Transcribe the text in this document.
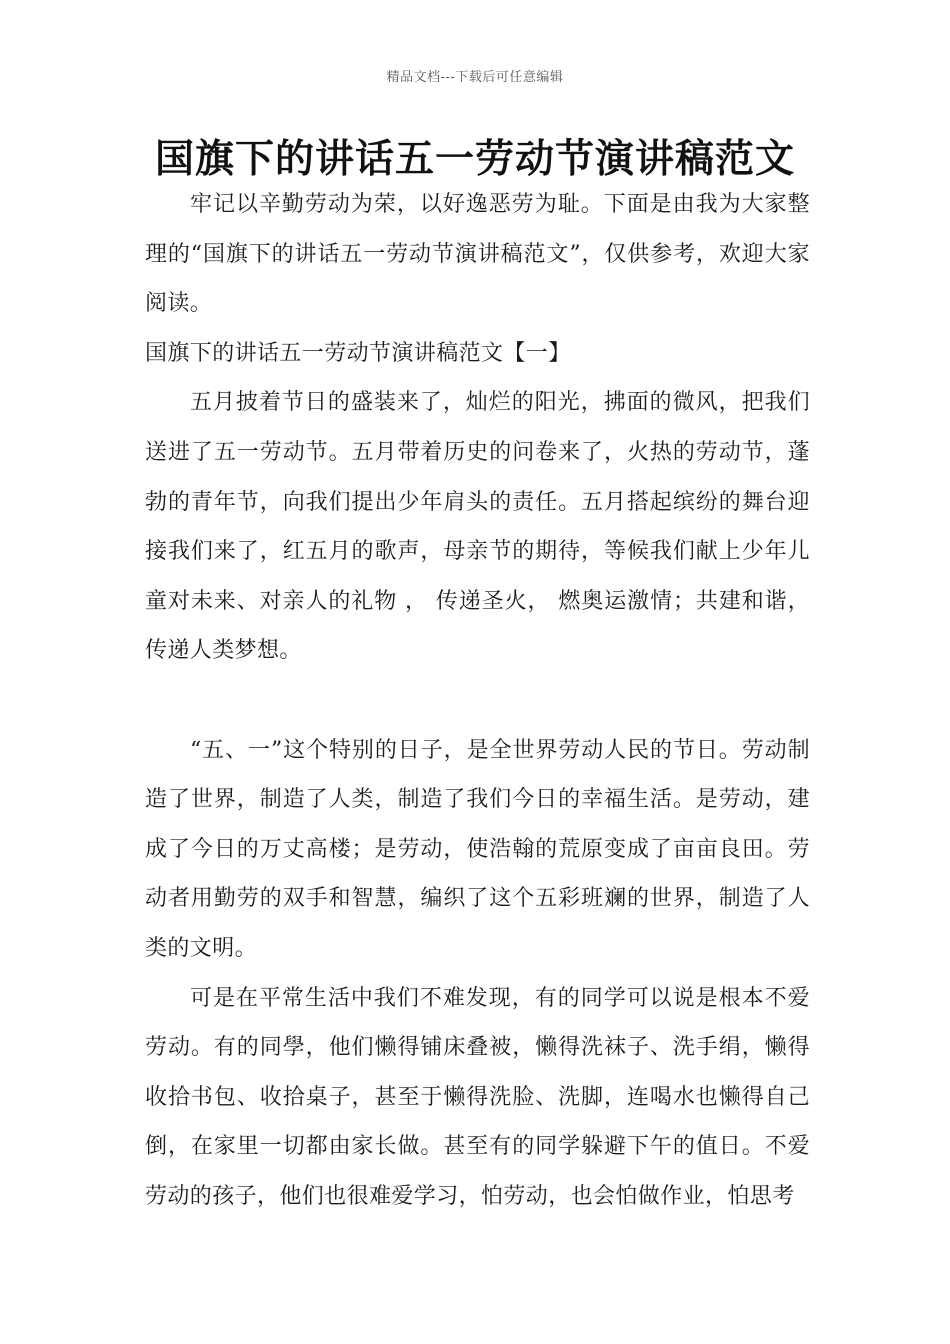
精品文档---下载后可任意编辑
国旗下的讲话五一劳动节演讲稿范文

牢记以辛勤劳动为荣，以好逸恶劳为耻。下面是由我为大家整理的“国旗下的讲话五一劳动节演讲稿范文”，仅供参考，欢迎大家阅读。

国旗下的讲话五一劳动节演讲稿范文【一】

五月披着节日的盛装来了，灿烂的阳光，拂面的微风，把我们送进了五一劳动节。五月带着历史的问卷来了，火热的劳动节，蓬勃的青年节，向我们提出少年肩头的责任。五月搭起缤纷的舞台迎接我们来了，红五月的歌声，母亲节的期待，等候我们献上少年儿童对未来、对亲人的礼物 ， 传递圣火， 燃奥运激情；共建和谐，传递人类梦想。

“五、一”这个特别的日子，是全世界劳动人民的节日。劳动制造了世界，制造了人类，制造了我们今日的幸福生活。是劳动，建成了今日的万丈高楼；是劳动，使浩翰的荒原变成了亩亩良田。劳动者用勤劳的双手和智慧，编织了这个五彩班斓的世界，制造了人类的文明。

可是在平常生活中我们不难发现，有的同学可以说是根本不爱劳动。有的同學，他们懒得铺床叠被，懒得洗袜子、洗手绢，懒得收拾书包、收拾桌子，甚至于懒得洗脸、洗脚，连喝水也懒得自己倒，在家里一切都由家长做。甚至有的同学躲避下午的值日。不爱劳动的孩子，他们也很难爱学习，怕劳动，也会怕做作业，怕思考
